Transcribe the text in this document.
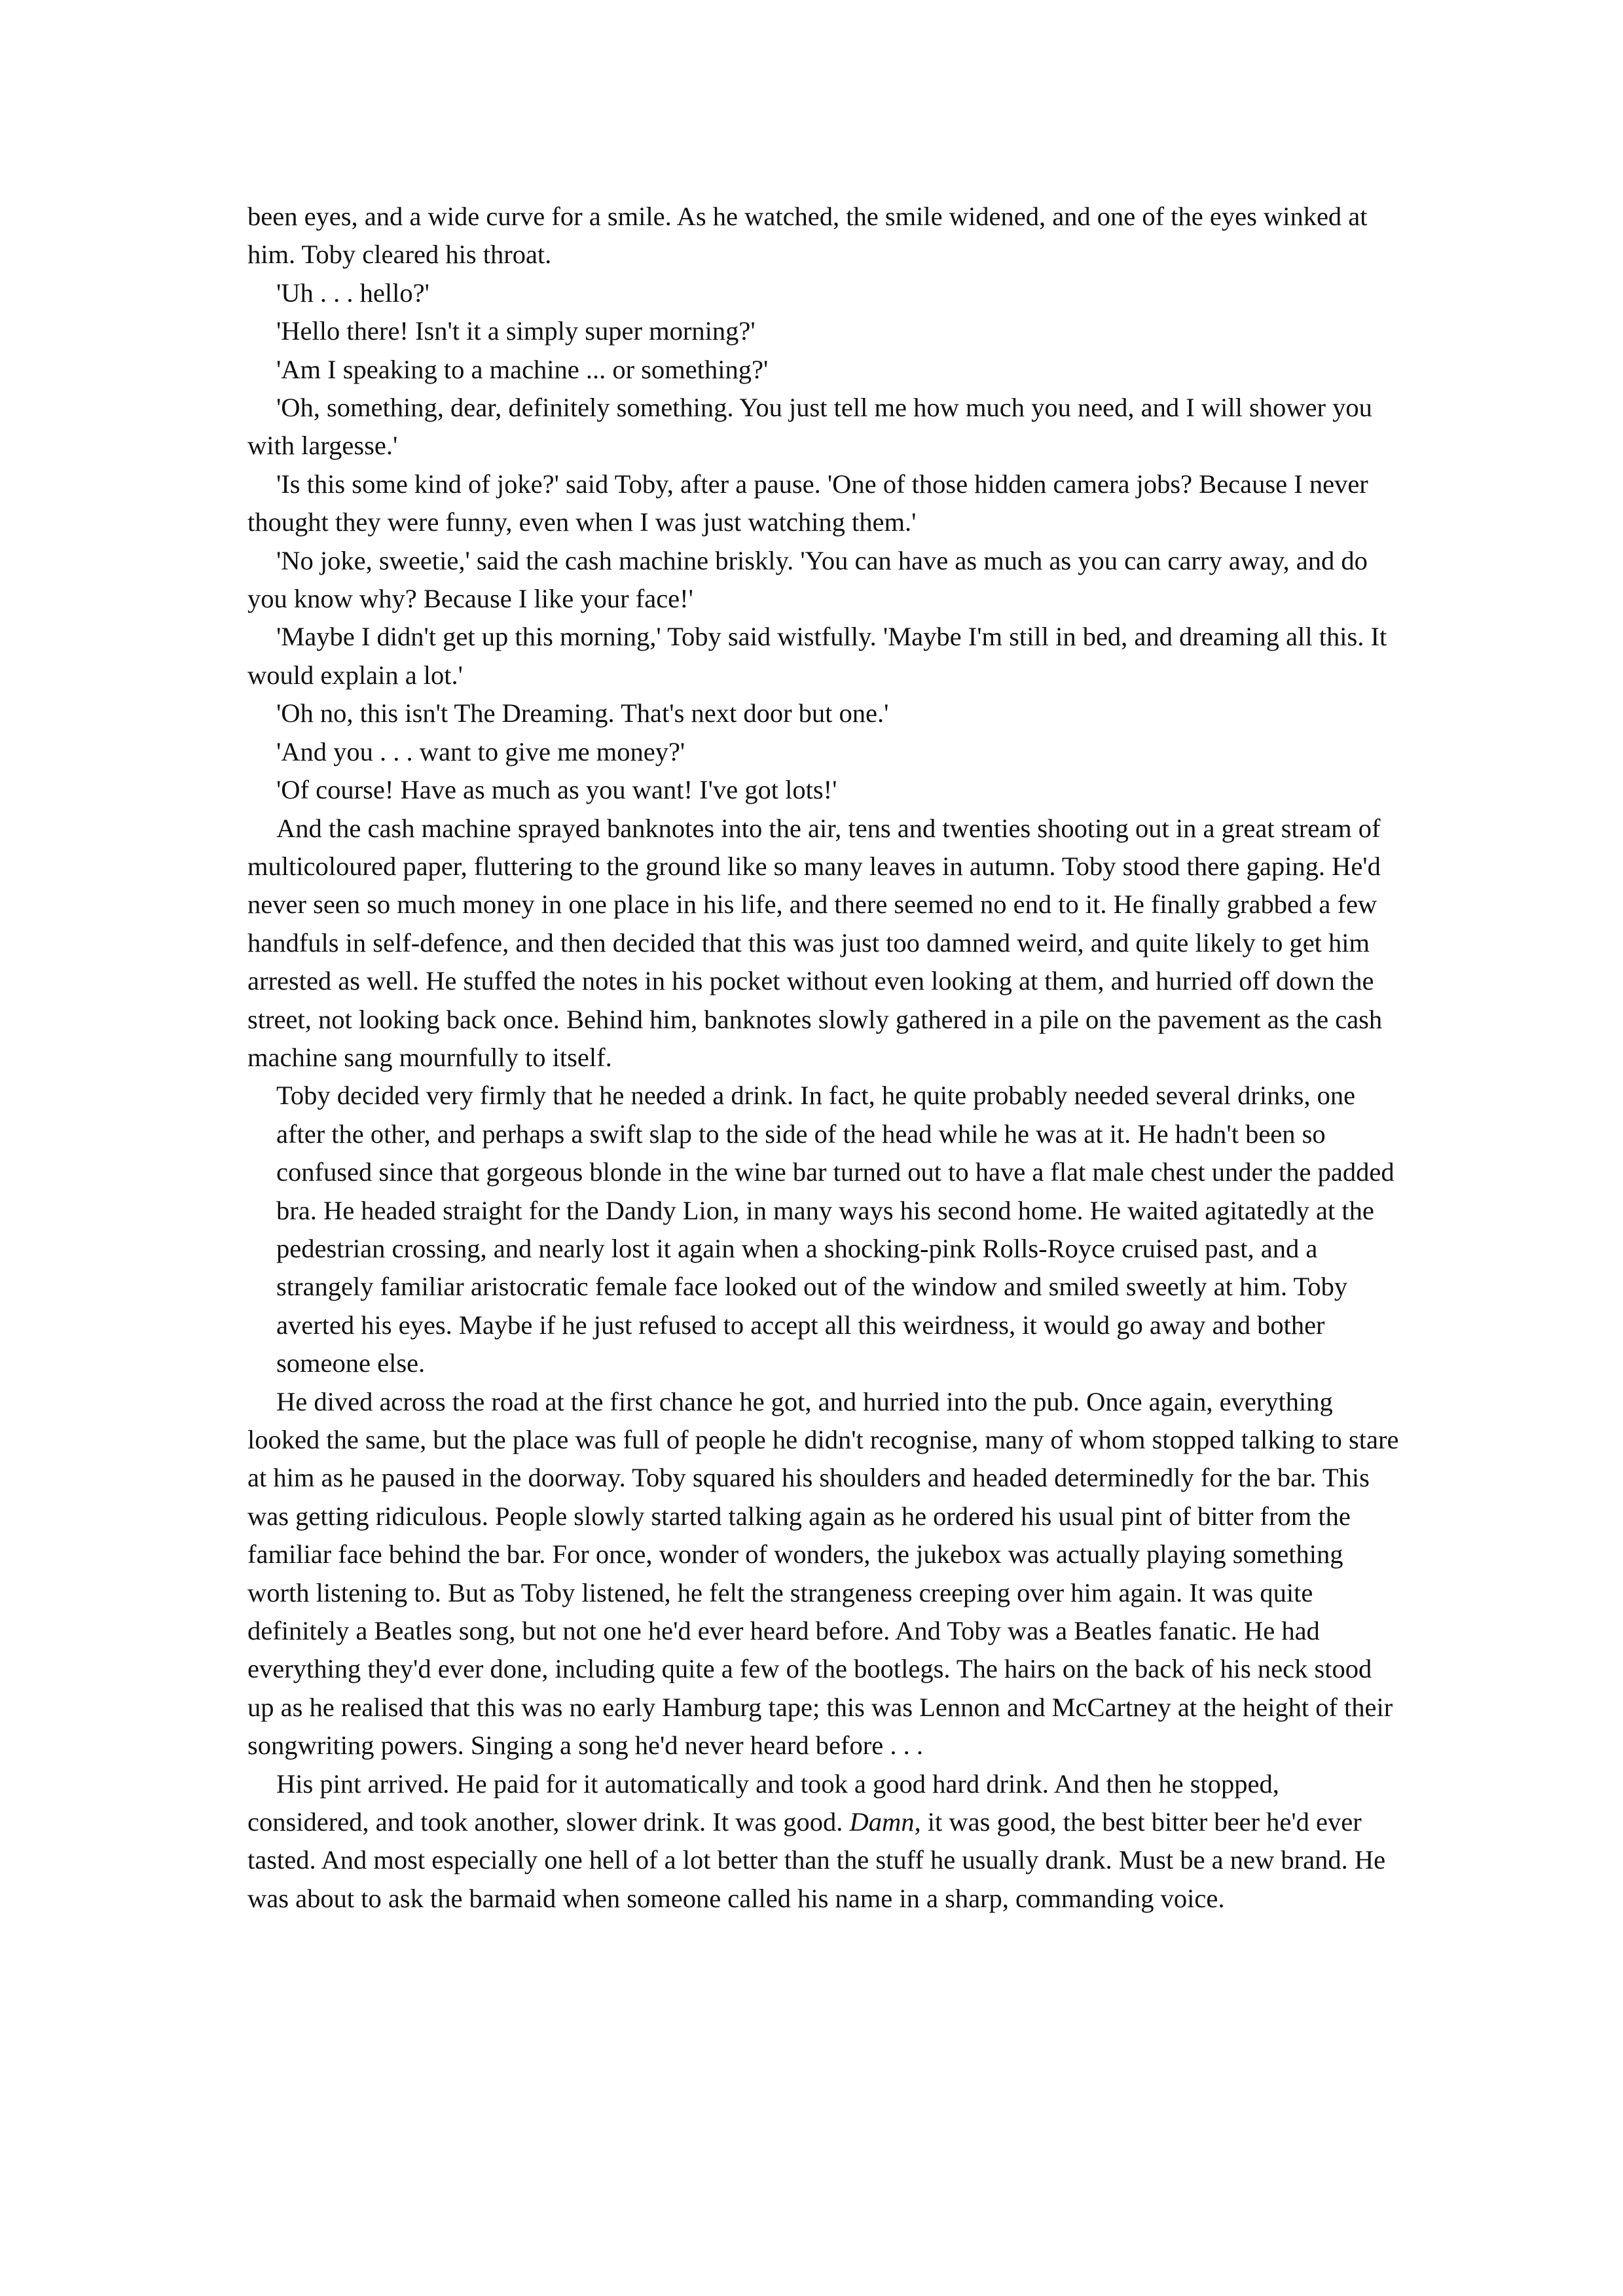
been eyes, and a wide curve for a smile. As he watched, the smile widened, and one of the eyes winked at him. Toby cleared his throat.

'Uh . . . hello?'

'Hello there! Isn't it a simply super morning?'

'Am I speaking to a machine ... or something?'

'Oh, something, dear, definitely something. You just tell me how much you need, and I will shower you with largesse.'

'Is this some kind of joke?' said Toby, after a pause. 'One of those hidden camera jobs? Because I never thought they were funny, even when I was just watching them.'

'No joke, sweetie,' said the cash machine briskly. 'You can have as much as you can carry away, and do you know why? Because I like your face!'

'Maybe I didn't get up this morning,' Toby said wistfully. 'Maybe I'm still in bed, and dreaming all this. It would explain a lot.'

'Oh no, this isn't The Dreaming. That's next door but one.'

'And you . . . want to give me money?'

'Of course! Have as much as you want! I've got lots!'

And the cash machine sprayed banknotes into the air, tens and twenties shooting out in a great stream of multicoloured paper, fluttering to the ground like so many leaves in autumn. Toby stood there gaping. He'd never seen so much money in one place in his life, and there seemed no end to it. He finally grabbed a few handfuls in self-defence, and then decided that this was just too damned weird, and quite likely to get him arrested as well. He stuffed the notes in his pocket without even looking at them, and hurried off down the street, not looking back once. Behind him, banknotes slowly gathered in a pile on the pavement as the cash machine sang mournfully to itself.

Toby decided very firmly that he needed a drink. In fact, he quite probably needed several drinks, one after the other, and perhaps a swift slap to the side of the head while he was at it. He hadn't been so confused since that gorgeous blonde in the wine bar turned out to have a flat male chest under the padded bra. He headed straight for the Dandy Lion, in many ways his second home. He waited agitatedly at the pedestrian crossing, and nearly lost it again when a shocking-pink Rolls-Royce cruised past, and a strangely familiar aristocratic female face looked out of the window and smiled sweetly at him. Toby averted his eyes. Maybe if he just refused to accept all this weirdness, it would go away and bother someone else.

He dived across the road at the first chance he got, and hurried into the pub. Once again, everything looked the same, but the place was full of people he didn't recognise, many of whom stopped talking to stare at him as he paused in the doorway. Toby squared his shoulders and headed determinedly for the bar. This was getting ridiculous. People slowly started talking again as he ordered his usual pint of bitter from the familiar face behind the bar. For once, wonder of wonders, the jukebox was actually playing something worth listening to. But as Toby listened, he felt the strangeness creeping over him again. It was quite definitely a Beatles song, but not one he'd ever heard before. And Toby was a Beatles fanatic. He had everything they'd ever done, including quite a few of the bootlegs. The hairs on the back of his neck stood up as he realised that this was no early Hamburg tape; this was Lennon and McCartney at the height of their songwriting powers. Singing a song he'd never heard before . . .

His pint arrived. He paid for it automatically and took a good hard drink. And then he stopped, considered, and took another, slower drink. It was good. Damn, it was good, the best bitter beer he'd ever tasted. And most especially one hell of a lot better than the stuff he usually drank. Must be a new brand. He was about to ask the barmaid when someone called his name in a sharp, commanding voice.
